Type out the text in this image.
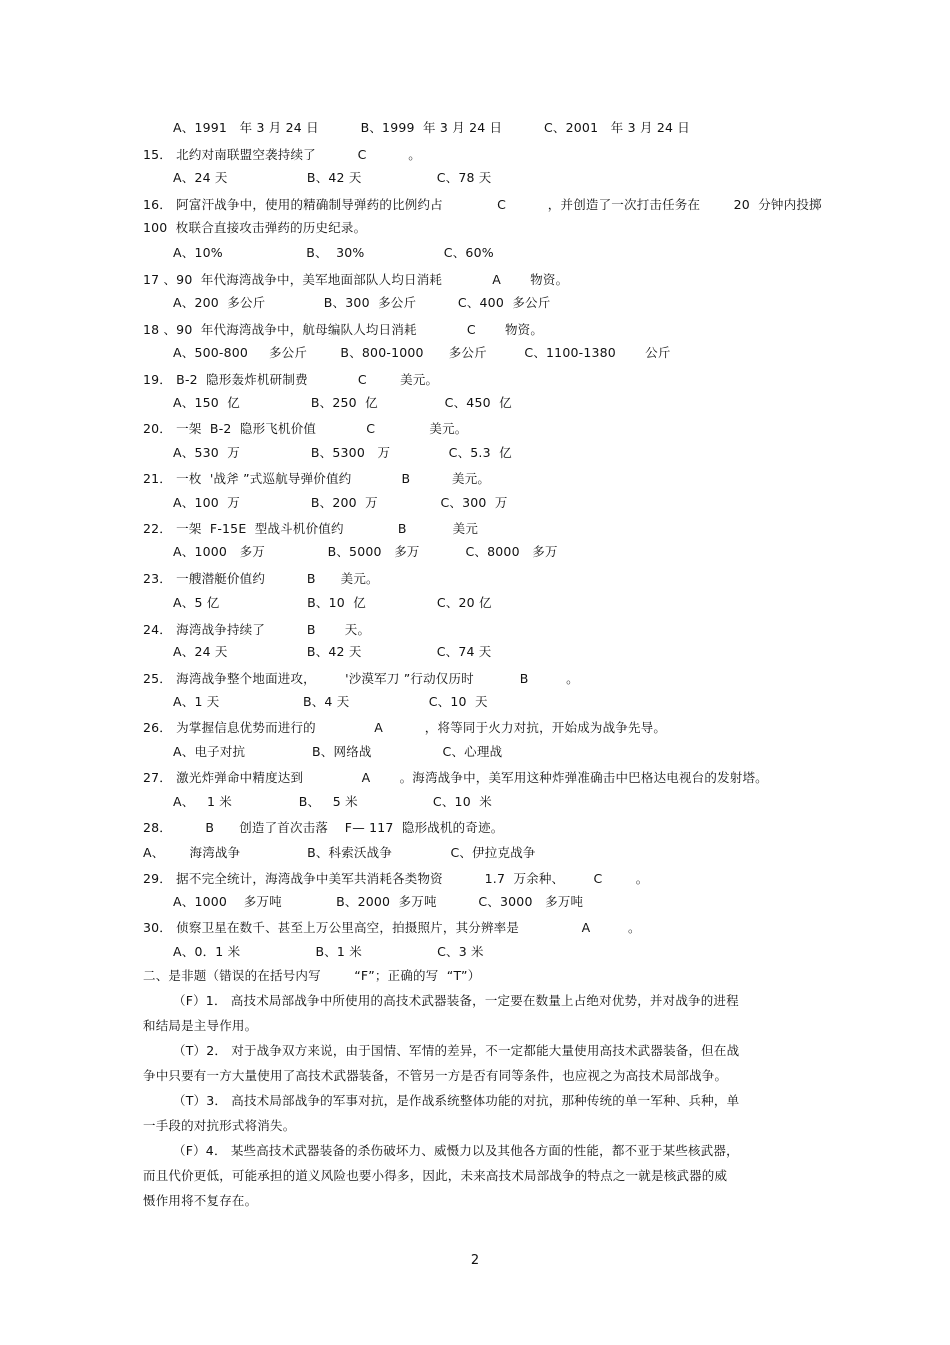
A、1991   年 3 月 24 日          B、1999  年 3 月 24 日          C、2001   年 3 月 24 日
15． 北约对南联盟空袭持续了          C          。
A、24 天                   B、42 天                  C、78 天
16． 阿富汗战争中，使用的精确制导弹药的比例约占             C          ，并创造了一次打击任务在        20  分钟内投掷
100  枚联合直接攻击弹药的历史纪录。
A、10%                    B、  30%                   C、60%
17 、90  年代海湾战争中，美军地面部队人均日消耗            A       物资。
A、200  多公斤              B、300  多公斤          C、400  多公斤
18 、90  年代海湾战争中，航母编队人均日消耗            C       物资。
A、500-800     多公斤        B、800-1000      多公斤         C、1100-1380       公斤
19． B-2  隐形轰炸机研制费            C        美元。
A、150  亿                 B、250  亿                C、450  亿
20． 一架  B-2  隐形飞机价值            C             美元。
A、530  万                 B、5300   万              C、5.3  亿
21． 一枚  '战斧 ”式巡航导弹价值约            B          美元。
A、100  万                 B、200  万               C、300  万
22． 一架  F-15E  型战斗机价值约             B           美元
A、1000   多万               B、5000   多万           C、8000   多万
23． 一艘潜艇价值约          B      美元。
A、5 亿                     B、10  亿                 C、20 亿
24． 海湾战争持续了          B       天。
A、24 天                   B、42 天                  C、74 天
25． 海湾战争整个地面进攻，       '沙漠军刀 ”行动仅历时           B         。
A、1 天                    B、4 天                   C、10  天
26． 为掌握信息优势而进行的              A          ，将等同于火力对抗，开始成为战争先导。
A、电子对抗                B、网络战                 C、心理战
27． 激光炸弹命中精度达到              A       。海湾战争中，美军用这种炸弹准确击中巴格达电视台的发射塔。
A、   1 米                B、   5 米                  C、10  米
28．        B      创造了首次击落    F— 117  隐形战机的奇迹。
A、      海湾战争                B、科索沃战争              C、伊拉克战争
29． 据不完全统计，海湾战争中美军共消耗各类物资          1.7  万余种、       C        。
A、1000    多万吨             B、2000  多万吨          C、3000   多万吨
30． 侦察卫星在数千、甚至上万公里高空，拍摄照片，其分辨率是               A         。
A、0．1 米                  B、1 米                  C、3 米
二、是非题（错误的在括号内写        “F”；正确的写  “T”）
（F）1． 高技术局部战争中所使用的高技术武器装备，一定要在数量上占绝对优势，并对战争的进程
和结局是主导作用。
（T）2． 对于战争双方来说，由于国情、军情的差异，不一定都能大量使用高技术武器装备，但在战
争中只要有一方大量使用了高技术武器装备，不管另一方是否有同等条件，也应视之为高技术局部战争。
（T）3． 高技术局部战争的军事对抗，是作战系统整体功能的对抗，那种传统的单一军种、兵种，单
一手段的对抗形式将消失。
（F）4． 某些高技术武器装备的杀伤破坏力、威慑力以及其他各方面的性能，都不亚于某些核武器，
而且代价更低，可能承担的道义风险也要小得多，因此，未来高技术局部战争的特点之一就是核武器的威
慑作用将不复存在。
2
